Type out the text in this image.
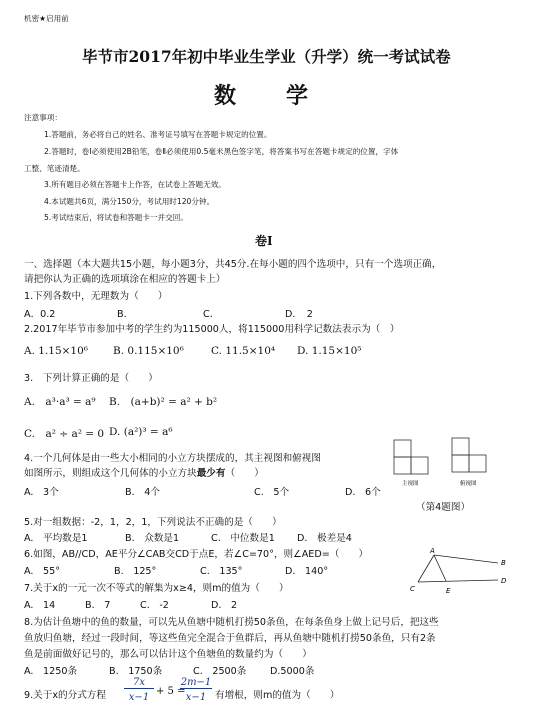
机密★启用前
毕节市2017年初中毕业生学业（升学）统一考试试卷
数　　学
注意事项：
1.答题前，务必将自己的姓名、准考证号填写在答题卡规定的位置。
2.答题时，卷Ⅰ必须使用2B铅笔，卷Ⅱ必须使用0.5毫米黑色签字笔，将答案书写在答题卡规定的位置，字体
工整、笔迹清楚。
3.所有题目必须在答题卡上作答，在试卷上答题无效。
4.本试题共6页，满分150分，考试用时120分钟。
5.考试结束后，将试卷和答题卡一并交回。
卷Ⅰ
一、选择题（本大题共15小题，每小题3分，共45分.在每小题的四个选项中，只有一个选项正确，
请把你认为正确的选项填涂在相应的答题卡上）
1.下列各数中，无理数为（　　）
A．0.2	B．	C．	D．　2
2.2017年毕节市参加中考的学生约为115000人，将115000用科学记数法表示为（　）
A. 1.15×10⁶ B. 0.115×10⁶	C. 11.5×10⁴ D. 1.15×10⁵
3.　下列计算正确的是（　　）
A.　a³·a³ = a⁹ B.　(a+b)² = a² + b²
C.　a² ÷ a² = 0 D. (a²)³ = a⁶
4.一个几何体是由一些大小相同的小立方块摆成的，其主视图和俯视图
如图所示，则组成这个几何体的小立方块最少有（　　）
A.　3个	B.　4个	C.　5个	D.　6个
主视图	俯视图
（第4题图）
5.对一组数据：-2，1，2，1，下列说法不正确的是（　　）
A.　平均数是1	B.　众数是1	C.　中位数是1 D.　极差是4
6.如图，AB//CD，AE平分∠CAB交CD于点E，若∠C=70°，则∠AED=（　　）
A.　55°	B.　125°	C.　135°	D.　140°
A
B
C
D
E
7.关于x的一元一次不等式的解集为x≥4，则m的值为（　　）
A.　14	B.　7	C.　-2	D.　2
8.为估计鱼塘中的鱼的数量，可以先从鱼塘中随机打捞50条鱼，在每条鱼身上做上记号后，把这些
鱼放归鱼塘，经过一段时间，等这些鱼完全混合于鱼群后，再从鱼塘中随机打捞50条鱼，只有2条
鱼是前面做好记号的，那么可以估计这个鱼塘鱼的数量约为（　　）
A.　1250条	B.　1750条	C.　2500条 D.5000条
9.关于x的分式方程
7x
x−1
+ 5 =
2m−1
x−1 有增根，则m的值为（　　）
